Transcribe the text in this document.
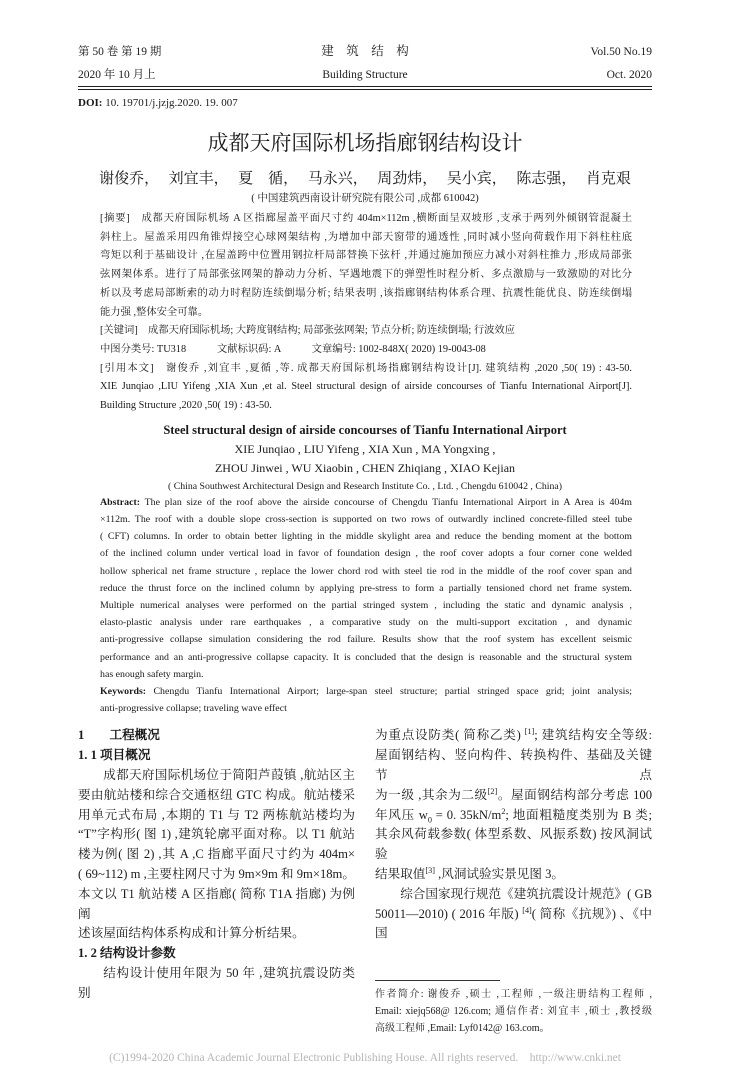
第 50 卷 第 19 期	建　筑　结　构	Vol.50 No.19
2020 年 10 月上	Building Structure	Oct. 2020
DOI: 10. 19701/j.jzjg.2020. 19. 007
成都天府国际机场指廊钢结构设计
谢俊乔，  刘宜丰，  夏　循，  马永兴，  周劲炜，  吴小宾，  陈志强，  肖克艰
( 中国建筑西南设计研究院有限公司 ,成都 610042)
[摘要]　成都天府国际机场 A 区指廊屋盖平面尺寸约 404m×112m ,横断面呈双坡形 ,支承于两列外倾钢管混凝土
斜柱上。屋盖采用四角锥焊接空心球网架结构 ,为增加中部天窗带的通透性 ,同时减小竖向荷载作用下斜柱柱底
弯矩以利于基础设计 ,在屋盖跨中位置用钢拉杆局部替换下弦杆 ,并通过施加预应力减小对斜柱推力 ,形成局部张
弦网架体系。进行了局部张弦网架的静动力分析、罕遇地震下的弹塑性时程分析、多点激励与一致激励的对比分
析以及考虑局部断索的动力时程防连续倒塌分析; 结果表明 ,该指廊钢结构体系合理、抗震性能优良、防连续倒塌
能力强 ,整体安全可靠。
[关键词]　成都天府国际机场; 大跨度钢结构; 局部张弦网架; 节点分析; 防连续倒塌; 行波效应
中图分类号: TU318　　　文献标识码: A　　　文章编号: 1002-848X( 2020) 19-0043-08
[引用本文]　谢俊乔 ,刘宜丰 ,夏循 ,等. 成都天府国际机场指廊钢结构设计[J]. 建筑结构 ,2020 ,50( 19) : 43-50.
XIE Junqiao ,LIU Yifeng ,XIA Xun ,et al. Steel structural design of airside concourses of Tianfu International Airport[J].
Building Structure ,2020 ,50( 19) : 43-50.
Steel structural design of airside concourses of Tianfu International Airport
XIE Junqiao , LIU Yifeng , XIA Xun , MA Yongxing ,
ZHOU Jinwei , WU Xiaobin , CHEN Zhiqiang , XIAO Kejian
( China Southwest Architectural Design and Research Institute Co. , Ltd. , Chengdu 610042 , China)
Abstract: The plan size of the roof above the airside concourse of Chengdu Tianfu International Airport in A Area is 404m
×112m. The roof with a double slope cross-section is supported on two rows of outwardly inclined concrete-filled steel tube
( CFT) columns. In order to obtain better lighting in the middle skylight area and reduce the bending moment at the bottom
of the inclined column under vertical load in favor of foundation design , the roof cover adopts a four corner cone welded
hollow spherical net frame structure , replace the lower chord rod with steel tie rod in the middle of the roof cover span and
reduce the thrust force on the inclined column by applying pre-stress to form a partially tensioned chord net frame system.
Multiple numerical analyses were performed on the partial stringed system , including the static and dynamic analysis ,
elasto-plastic analysis under rare earthquakes , a comparative study on the multi-support excitation , and dynamic
anti-progressive collapse simulation considering the rod failure. Results show that the roof system has excellent seismic
performance and an anti-progressive collapse capacity. It is concluded that the design is reasonable and the structural system
has enough safety margin.
Keywords: Chengdu Tianfu International Airport; large-span steel structure; partial stringed space grid; joint analysis;
anti-progressive collapse; traveling wave effect
1　　工程概况
1. 1 项目概况
成都天府国际机场位于简阳芦葭镇 ,航站区主
要由航站楼和综合交通枢纽 GTC 构成。航站楼采
用单元式布局 ,本期的 T1 与 T2 两栋航站楼均为
“T”字构形( 图 1) ,建筑轮廓平面对称。以 T1 航站
楼为例( 图 2) ,其 A ,C 指廊平面尺寸约为 404m×
( 69~112) m ,主要柱网尺寸为 9m×9m 和 9m×18m。
本文以 T1 航站楼 A 区指廊( 简称 T1A 指廊) 为例阐
述该屋面结构体系构成和计算分析结果。
1. 2 结构设计参数
结构设计使用年限为 50 年 ,建筑抗震设防类别
为重点设防类( 简称乙类) [1]; 建筑结构安全等级:
屋面钢结构、竖向构件、转换构件、基础及关键节点
为一级 ,其余为二级[2]。屋面钢结构部分考虑 100
年风压 $w_0 = 0$. $35kN/m^2$; 地面粗糙度类别为 B 类;
其余风荷载参数( 体型系数、风振系数) 按风洞试验
结果取值[3] ,风洞试验实景见图 3。
综合国家现行规范《建筑抗震设计规范》( GB
50011—2010) ( 2016 年版) [4]( 简称《抗规》) 、《中国
作者简介: 谢俊乔 ,硕士 ,工程师 ,一级注册结构工程师 ,
Email: xiejq568@ 126.com; 通信作者: 刘宜丰 ,硕士 ,教授级
高级工程师 ,Email: Lyf0142@ 163.com。
(C)1994-2020 China Academic Journal Electronic Publishing House. All rights reserved.    http://www.cnki.net
